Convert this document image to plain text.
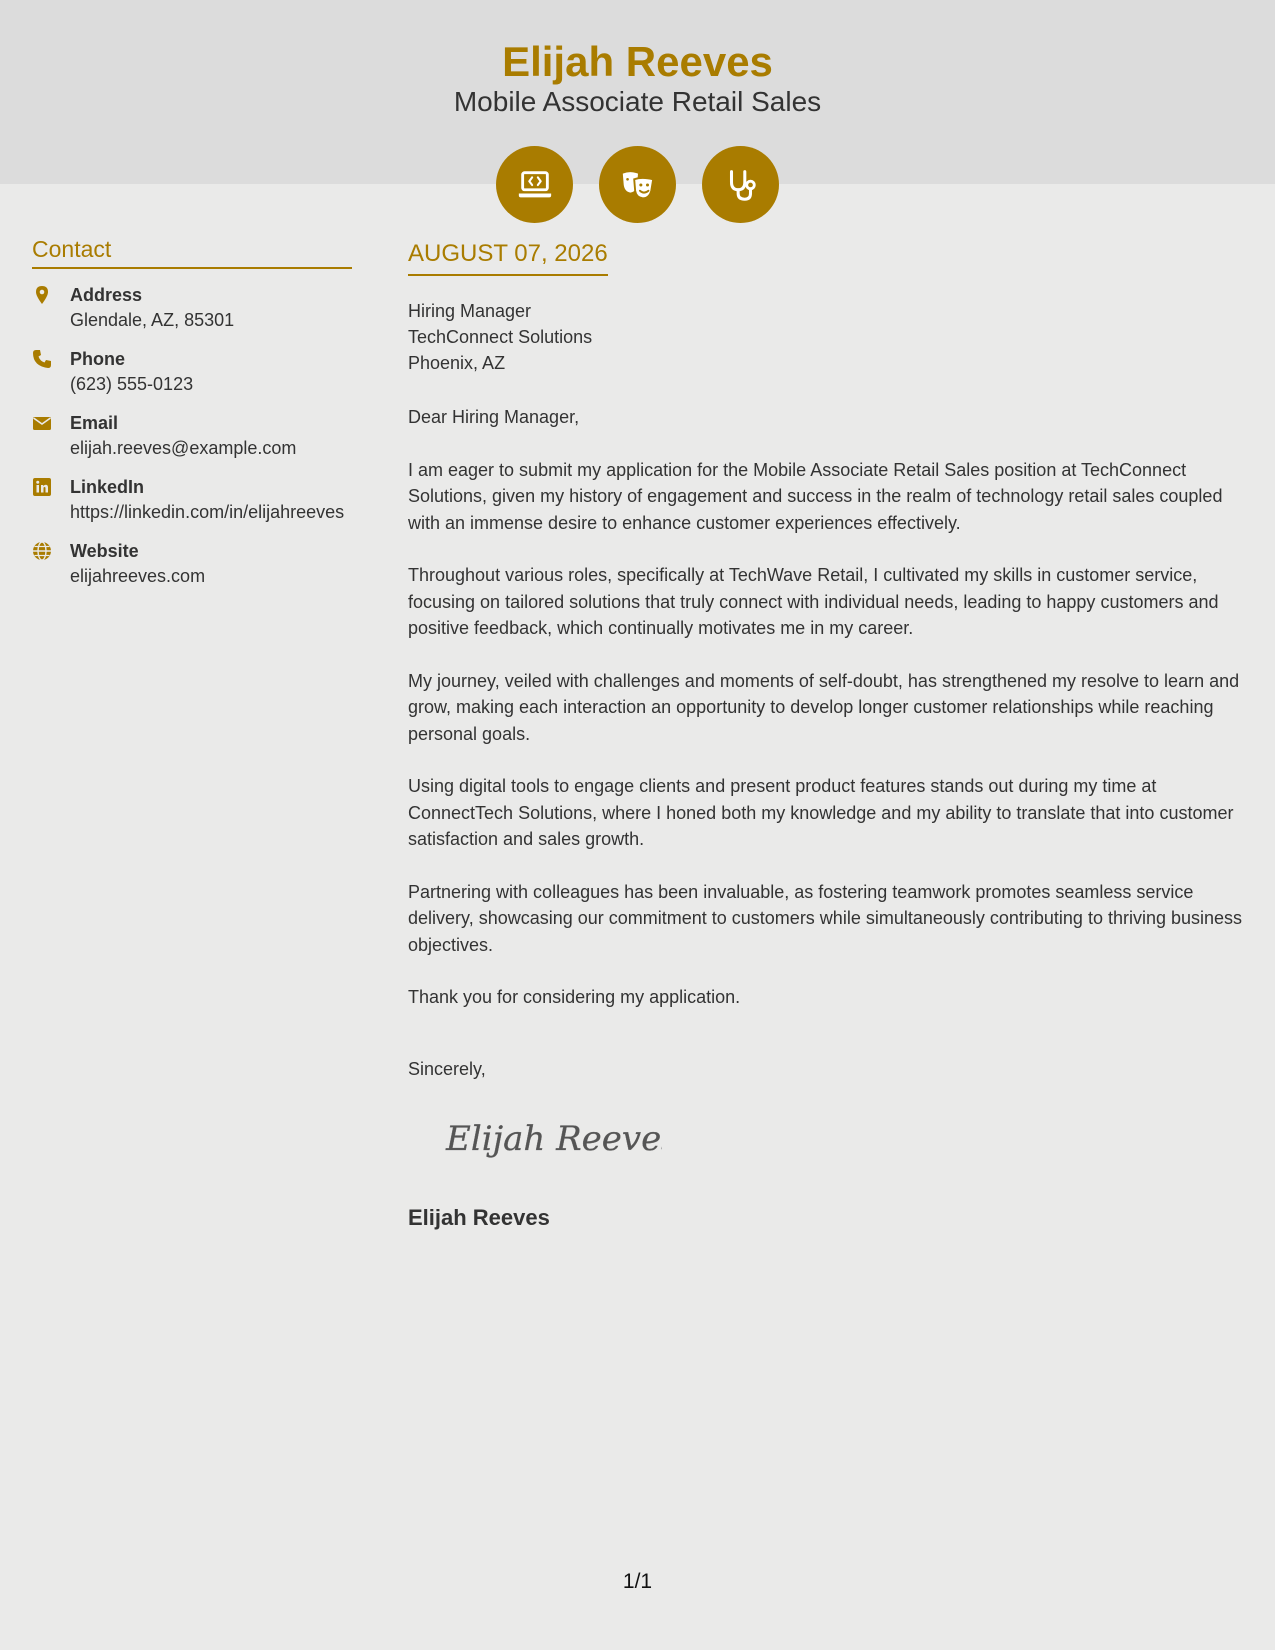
Elijah Reeves
Mobile Associate Retail Sales
Contact
Address
Glendale, AZ, 85301
Phone
(623) 555-0123
Email
elijah.reeves@example.com
LinkedIn
https://linkedin.com/in/elijahreeves
Website
elijahreeves.com
AUGUST 07, 2026
Hiring Manager
TechConnect Solutions
Phoenix, AZ

Dear Hiring Manager,

I am eager to submit my application for the Mobile Associate Retail Sales position at TechConnect Solutions, given my history of engagement and success in the realm of technology retail sales coupled with an immense desire to enhance customer experiences effectively.

Throughout various roles, specifically at TechWave Retail, I cultivated my skills in customer service, focusing on tailored solutions that truly connect with individual needs, leading to happy customers and positive feedback, which continually motivates me in my career.

My journey, veiled with challenges and moments of self-doubt, has strengthened my resolve to learn and grow, making each interaction an opportunity to develop longer customer relationships while reaching personal goals.

Using digital tools to engage clients and present product features stands out during my time at ConnectTech Solutions, where I honed both my knowledge and my ability to translate that into customer satisfaction and sales growth.

Partnering with colleagues has been invaluable, as fostering teamwork promotes seamless service delivery, showcasing our commitment to customers while simultaneously contributing to thriving business objectives.

Thank you for considering my application.

Sincerely,
Elijah Reeves
Elijah Reeves
1/1
